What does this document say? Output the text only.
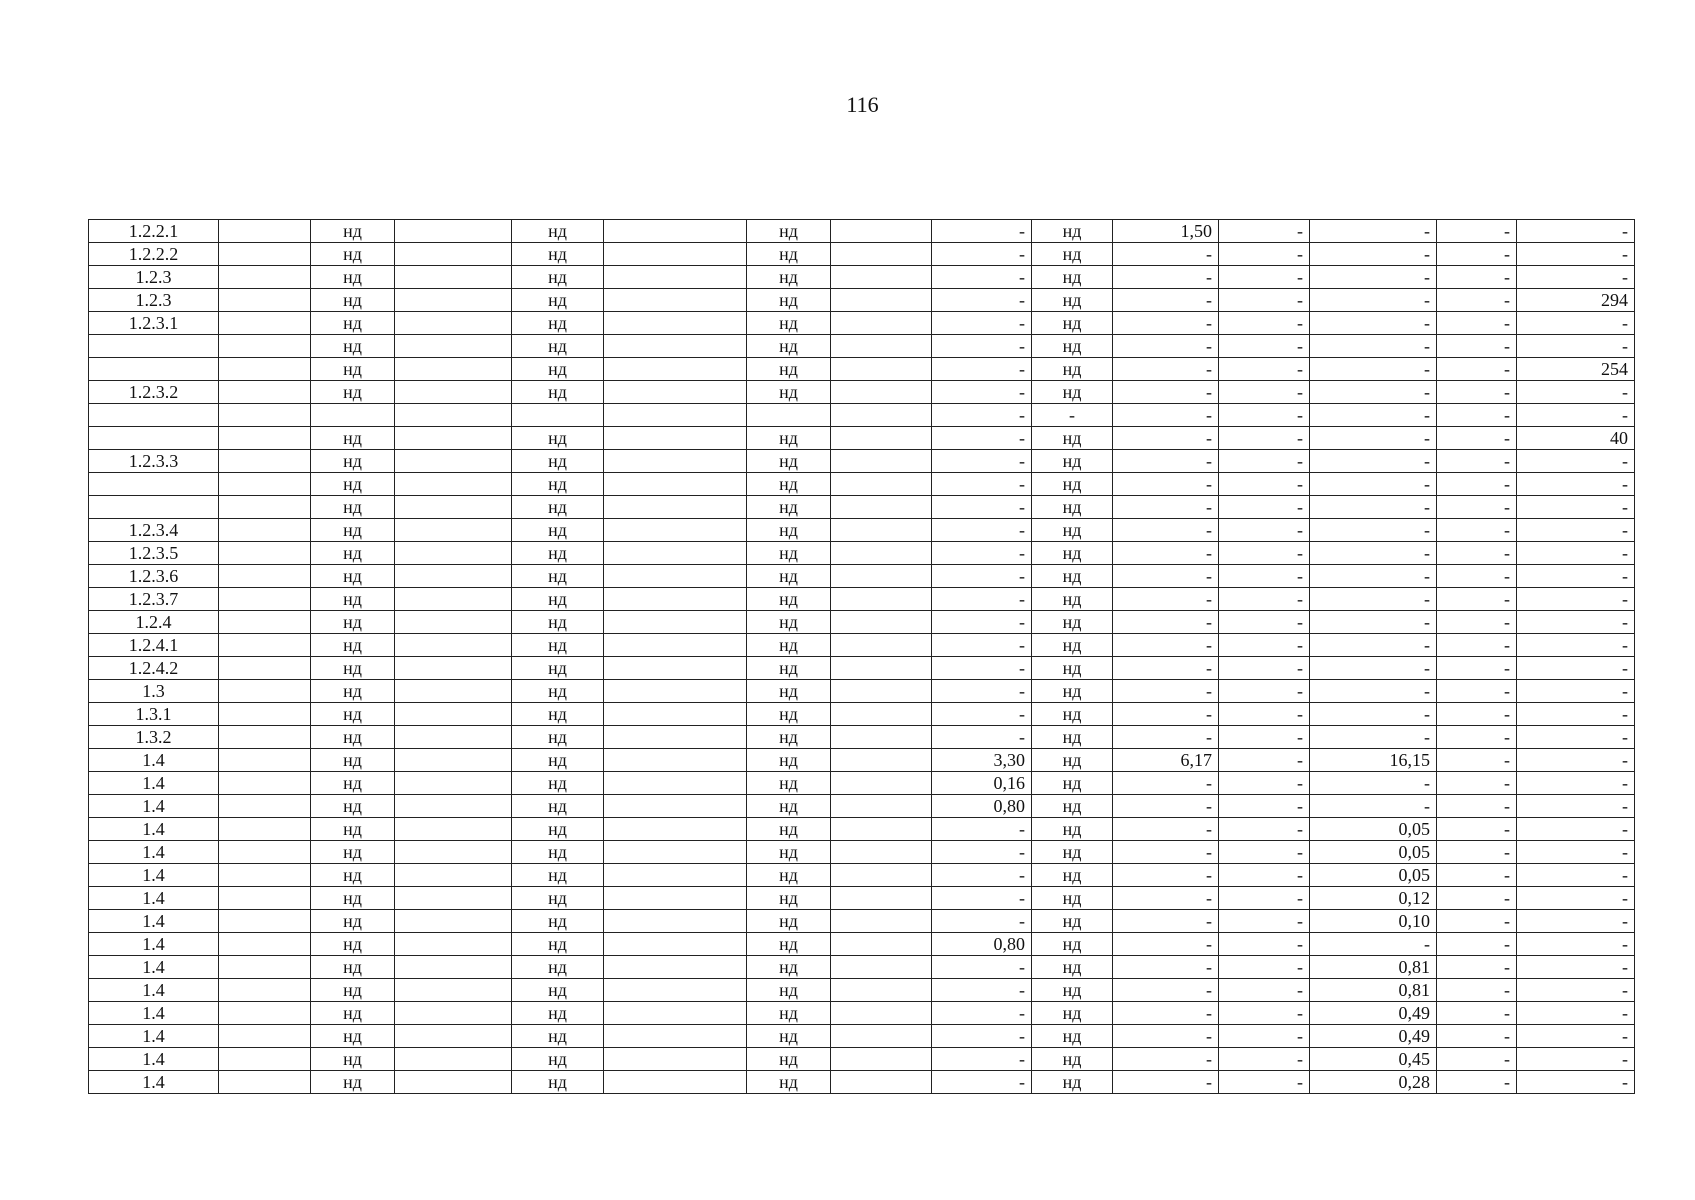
116
1.2.2.1		нд		нд		нд		-	нд	1,50	-	-	-	-
1.2.2.2		нд		нд		нд		-	нд	-	-	-	-	-
1.2.3		нд		нд		нд		-	нд	-	-	-	-	-
1.2.3		нд		нд		нд		-	нд	-	-	-	-	294
1.2.3.1		нд		нд		нд		-	нд	-	-	-	-	-
		нд		нд		нд		-	нд	-	-	-	-	-
		нд		нд		нд		-	нд	-	-	-	-	254
1.2.3.2		нд		нд		нд		-	нд	-	-	-	-	-
								-	-	-	-	-	-	-
		нд		нд		нд		-	нд	-	-	-	-	40
1.2.3.3		нд		нд		нд		-	нд	-	-	-	-	-
		нд		нд		нд		-	нд	-	-	-	-	-
		нд		нд		нд		-	нд	-	-	-	-	-
1.2.3.4		нд		нд		нд		-	нд	-	-	-	-	-
1.2.3.5		нд		нд		нд		-	нд	-	-	-	-	-
1.2.3.6		нд		нд		нд		-	нд	-	-	-	-	-
1.2.3.7		нд		нд		нд		-	нд	-	-	-	-	-
1.2.4		нд		нд		нд		-	нд	-	-	-	-	-
1.2.4.1		нд		нд		нд		-	нд	-	-	-	-	-
1.2.4.2		нд		нд		нд		-	нд	-	-	-	-	-
1.3		нд		нд		нд		-	нд	-	-	-	-	-
1.3.1		нд		нд		нд		-	нд	-	-	-	-	-
1.3.2		нд		нд		нд		-	нд	-	-	-	-	-
1.4		нд		нд		нд		3,30	нд	6,17	-	16,15	-	-
1.4		нд		нд		нд		0,16	нд	-	-	-	-	-
1.4		нд		нд		нд		0,80	нд	-	-	-	-	-
1.4		нд		нд		нд		-	нд	-	-	0,05	-	-
1.4		нд		нд		нд		-	нд	-	-	0,05	-	-
1.4		нд		нд		нд		-	нд	-	-	0,05	-	-
1.4		нд		нд		нд		-	нд	-	-	0,12	-	-
1.4		нд		нд		нд		-	нд	-	-	0,10	-	-
1.4		нд		нд		нд		0,80	нд	-	-	-	-	-
1.4		нд		нд		нд		-	нд	-	-	0,81	-	-
1.4		нд		нд		нд		-	нд	-	-	0,81	-	-
1.4		нд		нд		нд		-	нд	-	-	0,49	-	-
1.4		нд		нд		нд		-	нд	-	-	0,49	-	-
1.4		нд		нд		нд		-	нд	-	-	0,45	-	-
1.4		нд		нд		нд		-	нд	-	-	0,28	-	-
